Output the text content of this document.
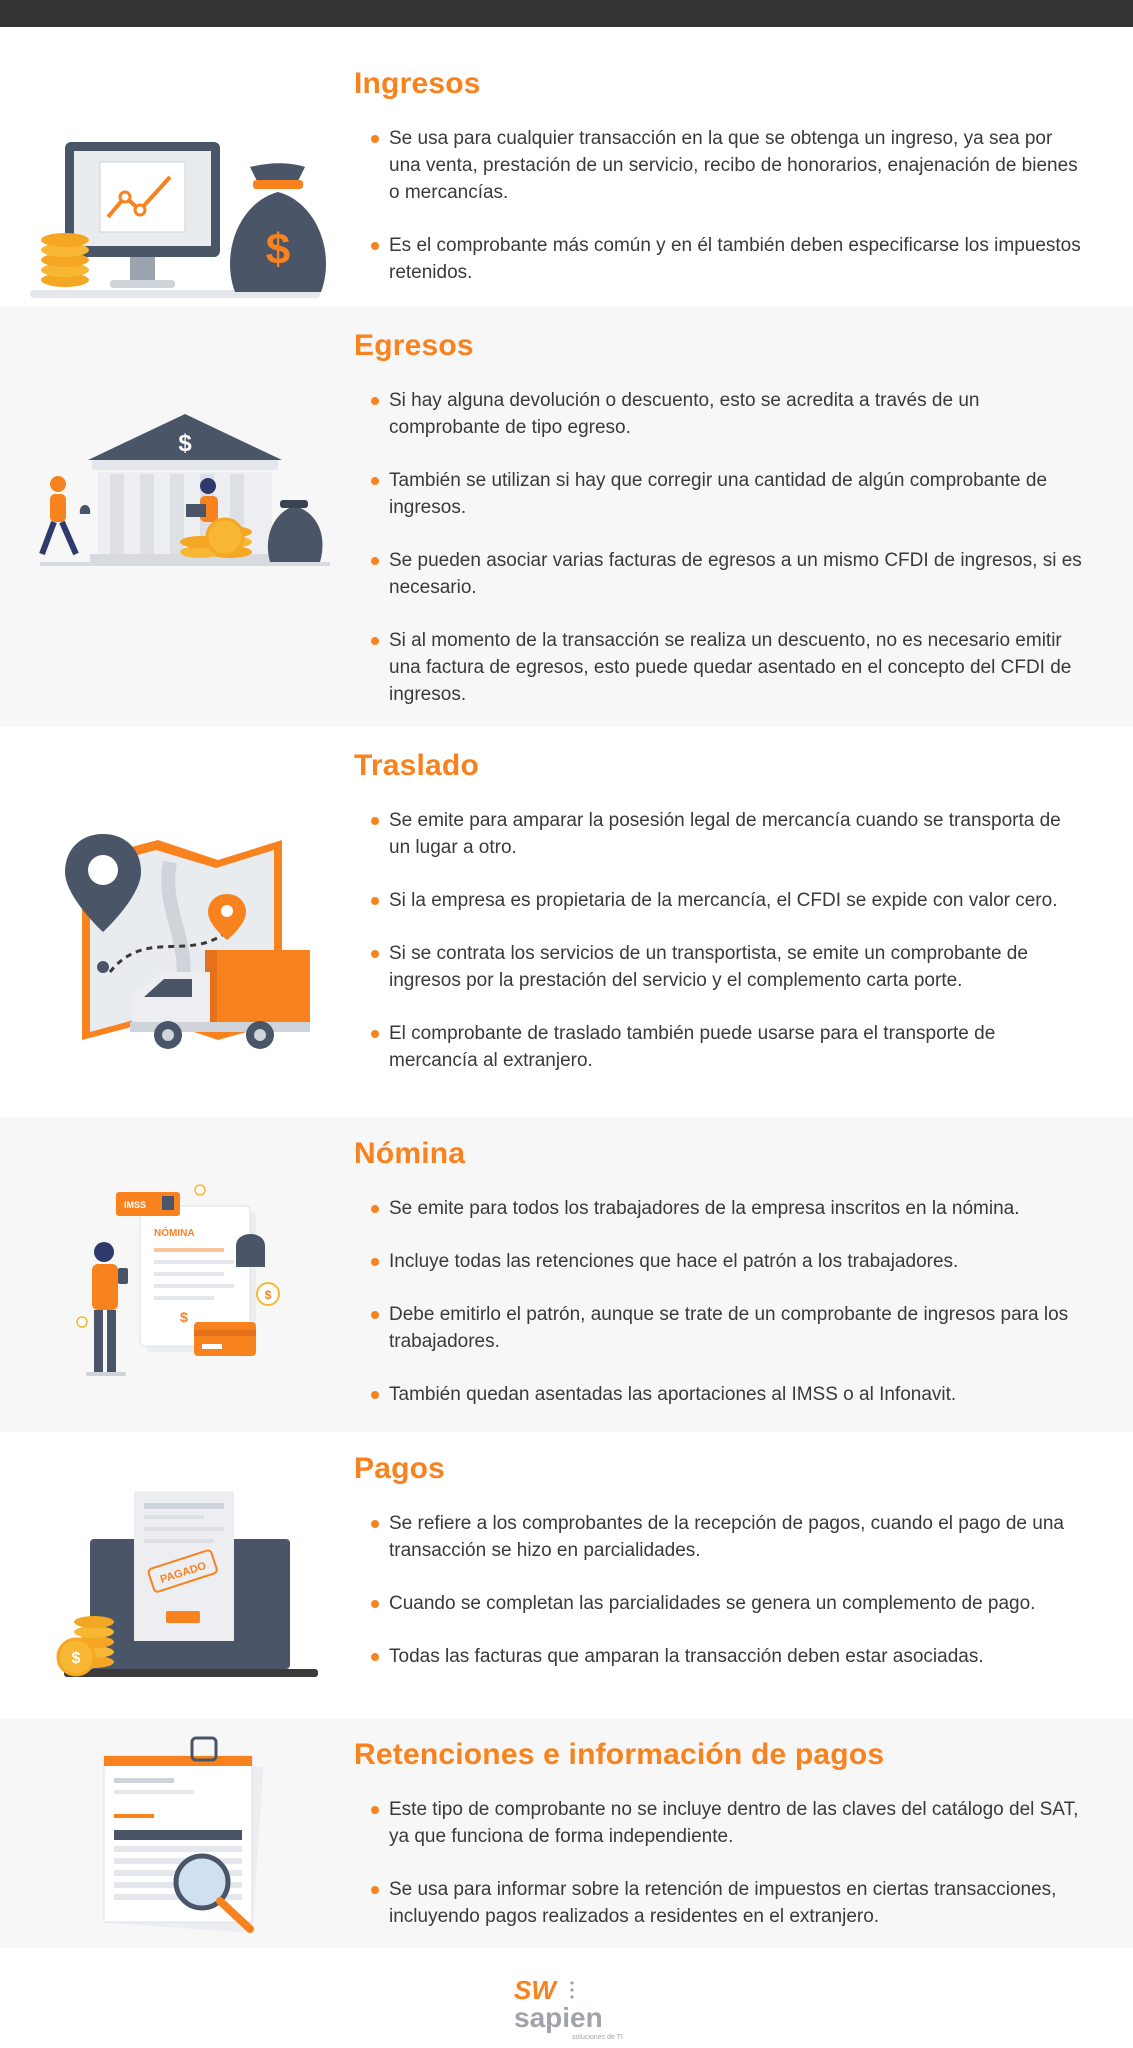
$
Ingresos
Se usa para cualquier transacción en la que se obtenga un ingreso, ya sea por una venta, prestación de un servicio, recibo de honorarios, enajenación de bienes o mercancías.
Es el comprobante más común y en él también deben especificarse los impuestos retenidos.
$
Egresos
Si hay alguna devolución o descuento, esto se acredita a través de un comprobante de tipo egreso.
También se utilizan si hay que corregir una cantidad de algún comprobante de ingresos.
Se pueden asociar varias facturas de egresos a un mismo CFDI de ingresos, si es necesario.
Si al momento de la transacción se realiza un descuento, no es necesario emitir una factura de egresos, esto puede quedar asentado en el concepto del CFDI de ingresos.
Traslado
Se emite para amparar la posesión legal de mercancía cuando se transporta de un lugar a otro.
Si la empresa es propietaria de la mercancía, el CFDI se expide con valor cero.
Si se contrata los servicios de un transportista, se emite un comprobante de ingresos por la prestación del servicio y el complemento carta porte.
El comprobante de traslado también puede usarse para el transporte de mercancía al extranjero.
NÓMINA
$
IMSS
$
Nómina
Se emite para todos los trabajadores de la empresa inscritos en la nómina.
Incluye todas las retenciones que hace el patrón a los trabajadores.
Debe emitirlo el patrón, aunque se trate de un comprobante de ingresos para los trabajadores.
También quedan asentadas las aportaciones al IMSS o al Infonavit.
PAGADO
$
Pagos
Se refiere a los comprobantes de la recepción de pagos, cuando el pago de una transacción se hizo en parcialidades.
Cuando se completan las parcialidades se genera un complemento de pago.
Todas las facturas que amparan la transacción deben estar asociadas.
Retenciones e información de pagos
Este tipo de comprobante no se incluye dentro de las claves del catálogo del SAT, ya que funciona de forma independiente.
Se usa para informar sobre la retención de impuestos en ciertas transacciones, incluyendo pagos realizados a residentes en el extranjero.
SW
sapien
soluciones de TI
